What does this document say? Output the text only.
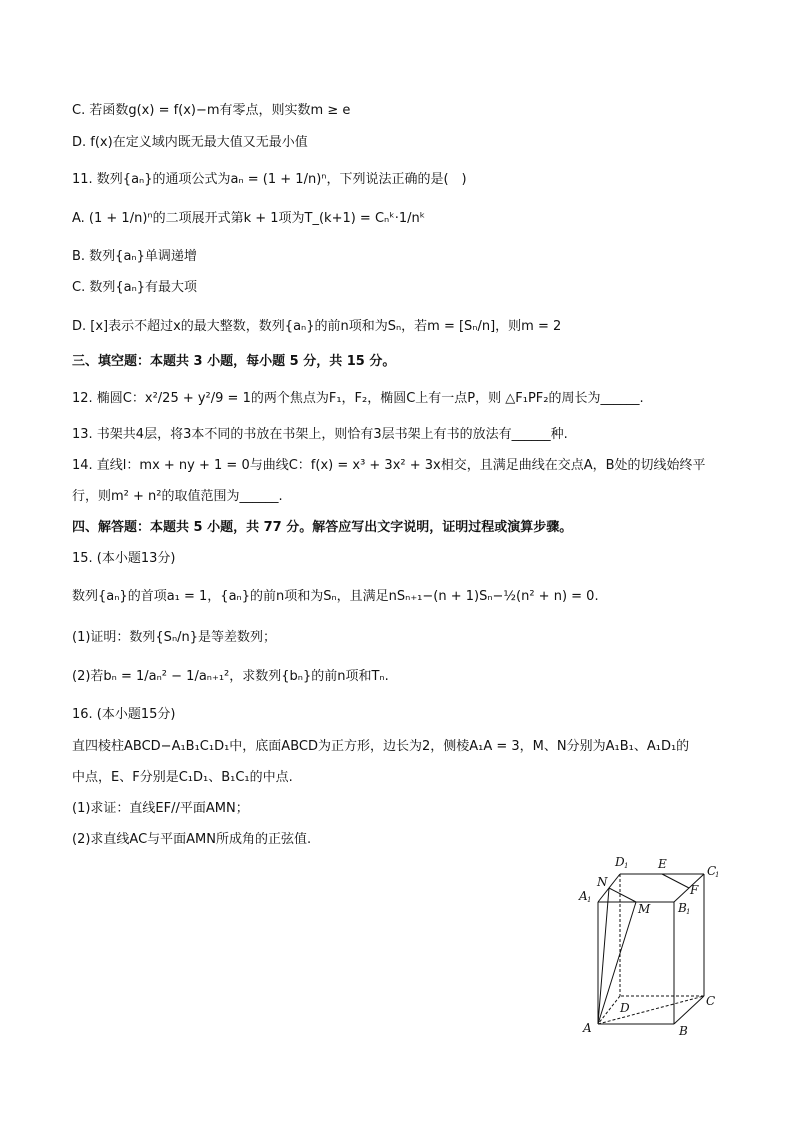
C. 若函数g(x) = f(x)−m有零点，则实数m ≥ e
D. f(x)在定义域内既无最大值又无最小值
11. 数列{aₙ}的通项公式为aₙ = (1 + 1/n)ⁿ，下列说法正确的是(　)
A. (1 + 1/n)ⁿ的二项展开式第k + 1项为T_(k+1) = Cₙᵏ·1/nᵏ
B. 数列{aₙ}单调递增
C. 数列{aₙ}有最大项
D. [x]表示不超过x的最大整数，数列{aₙ}的前n项和为Sₙ，若m = [Sₙ/n]，则m = 2
三、填空题：本题共 3 小题，每小题 5 分，共 15 分。
12. 椭圆C：x²/25 + y²/9 = 1的两个焦点为F₁，F₂，椭圆C上有一点P，则 △F₁PF₂的周长为______.
13. 书架共4层，将3本不同的书放在书架上，则恰有3层书架上有书的放法有______种.
14. 直线l：mx + ny + 1 = 0与曲线C：f(x) = x³ + 3x² + 3x相交，且满足曲线在交点A，B处的切线始终平
行，则m² + n²的取值范围为______.
四、解答题：本题共 5 小题，共 77 分。解答应写出文字说明，证明过程或演算步骤。
15. (本小题13分)
数列{aₙ}的首项a₁ = 1，{aₙ}的前n项和为Sₙ，且满足nSₙ₊₁−(n + 1)Sₙ−½(n² + n) = 0.
(1)证明：数列{Sₙ/n}是等差数列；
(2)若bₙ = 1/aₙ² − 1/aₙ₊₁²，求数列{bₙ}的前n项和Tₙ.
16. (本小题15分)
直四棱柱ABCD−A₁B₁C₁D₁中，底面ABCD为正方形，边长为2，侧棱A₁A = 3，M、N分别为A₁B₁、A₁D₁的
中点，E、F分别是C₁D₁、B₁C₁的中点.
(1)求证：直线EF//平面AMN；
(2)求直线AC与平面AMN所成角的正弦值.
D 1 E	C
1
N
F
A 1
M B 1
D	C
A	B
